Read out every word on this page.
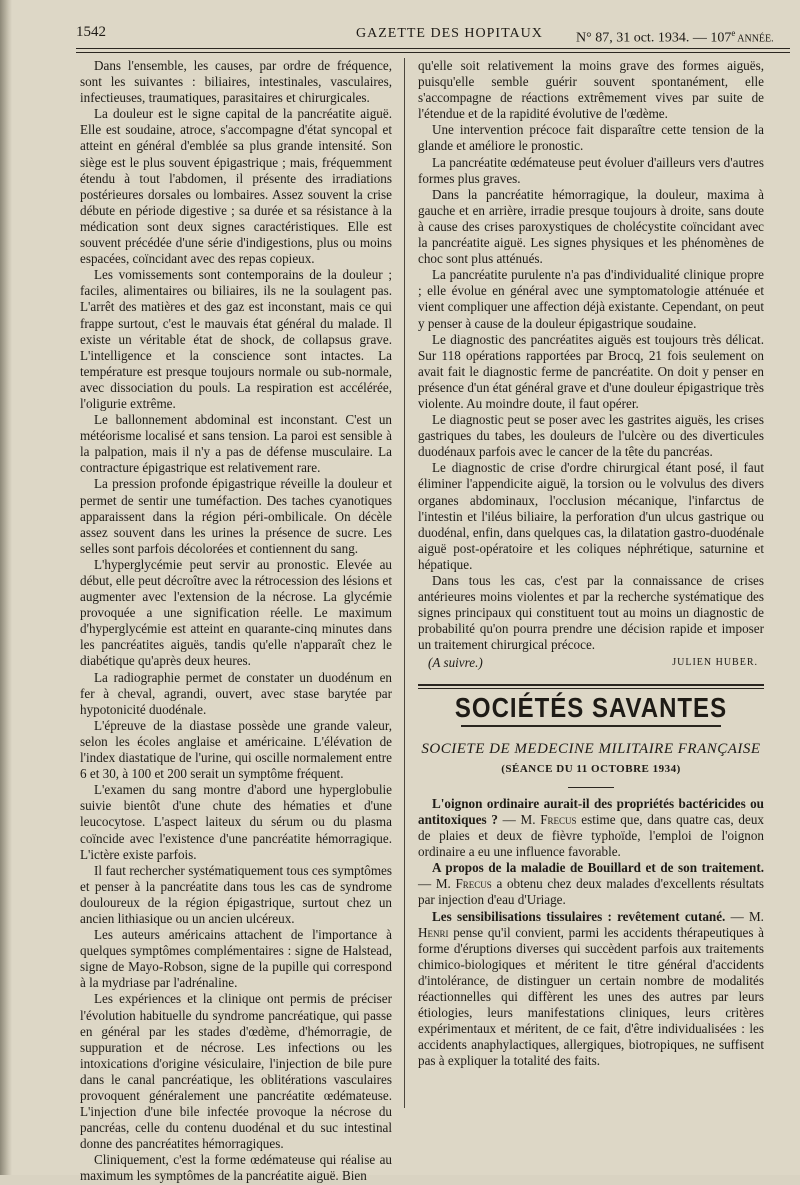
1542	GAZETTE DES HOPITAUX N° 87, 31 oct. 1934. — 107e ANNÉE.

Dans l'ensemble, les causes, par ordre de fréquence, sont les suivantes : biliaires, intestinales, vasculaires, infectieuses, traumatiques, parasitaires et chirurgicales.

La douleur est le signe capital de la pancréatite aiguë. Elle est soudaine, atroce, s'accompagne d'état syncopal et atteint en général d'emblée sa plus grande intensité. Son siège est le plus souvent épigastrique ; mais, fréquemment étendu à tout l'abdomen, il présente des irradiations postérieures dorsales ou lombaires. Assez souvent la crise débute en période digestive ; sa durée et sa résistance à la médication sont deux signes caractéristiques. Elle est souvent précédée d'une série d'indigestions, plus ou moins espacées, coïncidant avec des repas copieux.

Les vomissements sont contemporains de la douleur ; faciles, alimentaires ou biliaires, ils ne la soulagent pas. L'arrêt des matières et des gaz est inconstant, mais ce qui frappe surtout, c'est le mauvais état général du malade. Il existe un véritable état de shock, de collapsus grave. L'intelligence et la conscience sont intactes. La température est presque toujours normale ou sub-normale, avec dissociation du pouls. La respiration est accélérée, l'oligurie extrême.

Le ballonnement abdominal est inconstant. C'est un météorisme localisé et sans tension. La paroi est sensible à la palpation, mais il n'y a pas de défense musculaire. La contracture épigastrique est relativement rare.

La pression profonde épigastrique réveille la douleur et permet de sentir une tuméfaction. Des taches cyanotiques apparaissent dans la région péri-ombilicale. On décèle assez souvent dans les urines la présence de sucre. Les selles sont parfois décolorées et contiennent du sang.

L'hyperglycémie peut servir au pronostic. Elevée au début, elle peut décroître avec la rétrocession des lésions et augmenter avec l'extension de la nécrose. La glycémie provoquée a une signification réelle. Le maximum d'hyperglycémie est atteint en quarante-cinq minutes dans les pancréatites aiguës, tandis qu'elle n'apparaît chez le diabétique qu'après deux heures.

La radiographie permet de constater un duodénum en fer à cheval, agrandi, ouvert, avec stase barytée par hypotonicité duodénale.

L'épreuve de la diastase possède une grande valeur, selon les écoles anglaise et américaine. L'élévation de l'index diastatique de l'urine, qui oscille normalement entre 6 et 30, à 100 et 200 serait un symptôme fréquent.

L'examen du sang montre d'abord une hyperglobulie suivie bientôt d'une chute des hématies et d'une leucocytose. L'aspect laiteux du sérum ou du plasma coïncide avec l'existence d'une pancréatite hémorragique. L'ictère existe parfois.

Il faut rechercher systématiquement tous ces symptômes et penser à la pancréatite dans tous les cas de syndrome douloureux de la région épigastrique, surtout chez un ancien lithiasique ou un ancien ulcéreux.

Les auteurs américains attachent de l'importance à quelques symptômes complémentaires : signe de Halstead, signe de Mayo-Robson, signe de la pupille qui correspond à la mydriase par l'adrénaline.

Les expériences et la clinique ont permis de préciser l'évolution habituelle du syndrome pancréatique, qui passe en général par les stades d'œdème, d'hémorragie, de suppuration et de nécrose. Les infections ou les intoxications d'origine vésiculaire, l'injection de bile pure dans le canal pancréatique, les oblitérations vasculaires provoquent généralement une pancréatite œdémateuse. L'injection d'une bile infectée provoque la nécrose du pancréas, celle du contenu duodénal et du suc intestinal donne des pancréatites hémorragiques.

Cliniquement, c'est la forme œdémateuse qui réalise au maximum les symptômes de la pancréatite aiguë. Bien

qu'elle soit relativement la moins grave des formes aiguës, puisqu'elle semble guérir souvent spontanément, elle s'accompagne de réactions extrêmement vives par suite de l'étendue et de la rapidité évolutive de l'œdème.

Une intervention précoce fait disparaître cette tension de la glande et améliore le pronostic.

La pancréatite œdémateuse peut évoluer d'ailleurs vers d'autres formes plus graves.

Dans la pancréatite hémorragique, la douleur, maxima à gauche et en arrière, irradie presque toujours à droite, sans doute à cause des crises paroxystiques de cholécystite coïncidant avec la pancréatite aiguë. Les signes physiques et les phénomènes de choc sont plus atténués.

La pancréatite purulente n'a pas d'individualité clinique propre ; elle évolue en général avec une symptomatologie atténuée et vient compliquer une affection déjà existante. Cependant, on peut y penser à cause de la douleur épigastrique soudaine.

Le diagnostic des pancréatites aiguës est toujours très délicat. Sur 118 opérations rapportées par Brocq, 21 fois seulement on avait fait le diagnostic ferme de pancréatite. On doit y penser en présence d'un état général grave et d'une douleur épigastrique très violente. Au moindre doute, il faut opérer.

Le diagnostic peut se poser avec les gastrites aiguës, les crises gastriques du tabes, les douleurs de l'ulcère ou des diverticules duodénaux parfois avec le cancer de la tête du pancréas.

Le diagnostic de crise d'ordre chirurgical étant posé, il faut éliminer l'appendicite aiguë, la torsion ou le volvulus des divers organes abdominaux, l'occlusion mécanique, l'infarctus de l'intestin et l'iléus biliaire, la perforation d'un ulcus gastrique ou duodénal, enfin, dans quelques cas, la dilatation gastro-duodénale aiguë post-opératoire et les coliques néphrétique, saturnine et hépatique.

Dans tous les cas, c'est par la connaissance de crises antérieures moins violentes et par la recherche systématique des signes principaux qui constituent tout au moins un diagnostic de probabilité qu'on pourra prendre une décision rapide et imposer un traitement chirurgical précoce.

(A suivre.)	JULIEN HUBER.
SOCIÉTÉS SAVANTES
SOCIETE DE MEDECINE MILITAIRE FRANÇAISE
(SÉANCE DU 11 OCTOBRE 1934)

L'oignon ordinaire aurait-il des propriétés bactéricides ou antitoxiques ? — M. Frecus estime que, dans quatre cas, deux de plaies et deux de fièvre typhoïde, l'emploi de l'oignon ordinaire a eu une influence favorable.

A propos de la maladie de Bouillard et de son traitement. — M. Frecus a obtenu chez deux malades d'excellents résultats par injection d'eau d'Uriage.

Les sensibilisations tissulaires : revêtement cutané. — M. Henri pense qu'il convient, parmi les accidents thérapeutiques à forme d'éruptions diverses qui succèdent parfois aux traitements chimico-biologiques et méritent le titre général d'accidents d'intolérance, de distinguer un certain nombre de modalités réactionnelles qui diffèrent les unes des autres par leurs étiologies, leurs manifestations cliniques, leurs critères expérimentaux et méritent, de ce fait, d'être individualisées : les accidents anaphylactiques, allergiques, biotropiques, ne suffisent pas à expliquer la totalité des faits.
